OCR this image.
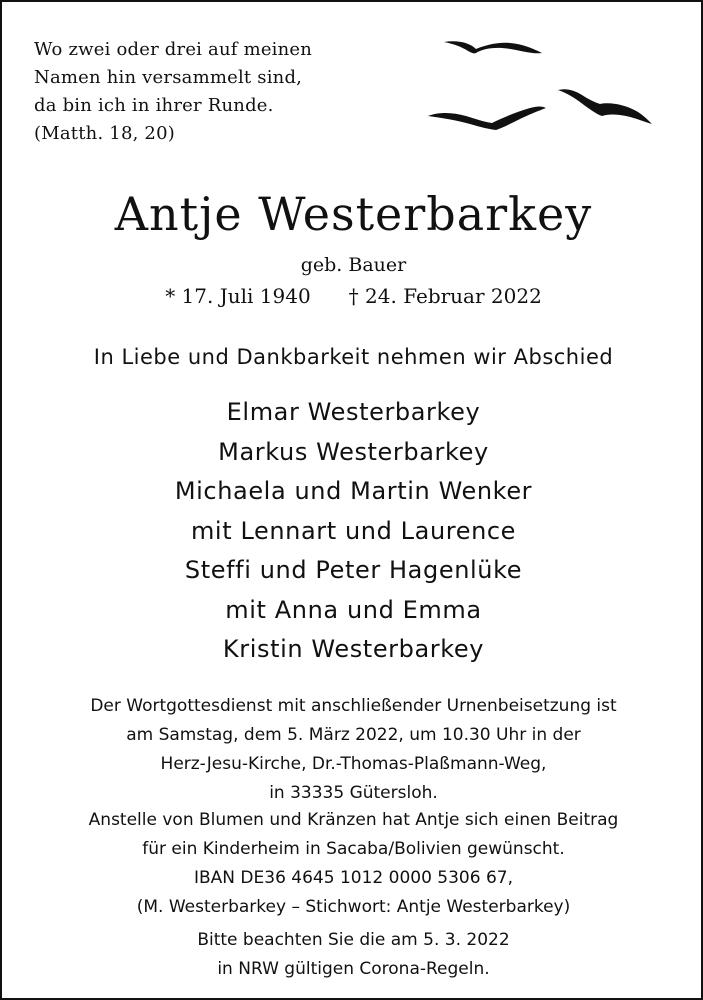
Wo zwei oder drei auf meinen
Namen hin versammelt sind,
da bin ich in ihrer Runde.
(Matth. 18, 20)
Antje Westerbarkey
geb. Bauer
* 17. Juli 1940 † 24. Februar 2022
In Liebe und Dankbarkeit nehmen wir Abschied
Elmar Westerbarkey
Markus Westerbarkey
Michaela und Martin Wenker
mit Lennart und Laurence
Steffi und Peter Hagenlüke
mit Anna und Emma
Kristin Westerbarkey
Der Wortgottesdienst mit anschließender Urnenbeisetzung ist
am Samstag, dem 5. März 2022, um 10.30 Uhr in der
Herz-Jesu-Kirche, Dr.-Thomas-Plaßmann-Weg,
in 33335 Gütersloh.
Anstelle von Blumen und Kränzen hat Antje sich einen Beitrag
für ein Kinderheim in Sacaba/Bolivien gewünscht.
IBAN DE36 4645 1012 0000 5306 67,
(M. Westerbarkey – Stichwort: Antje Westerbarkey)
Bitte beachten Sie die am 5. 3. 2022
in NRW gültigen Corona-Regeln.
